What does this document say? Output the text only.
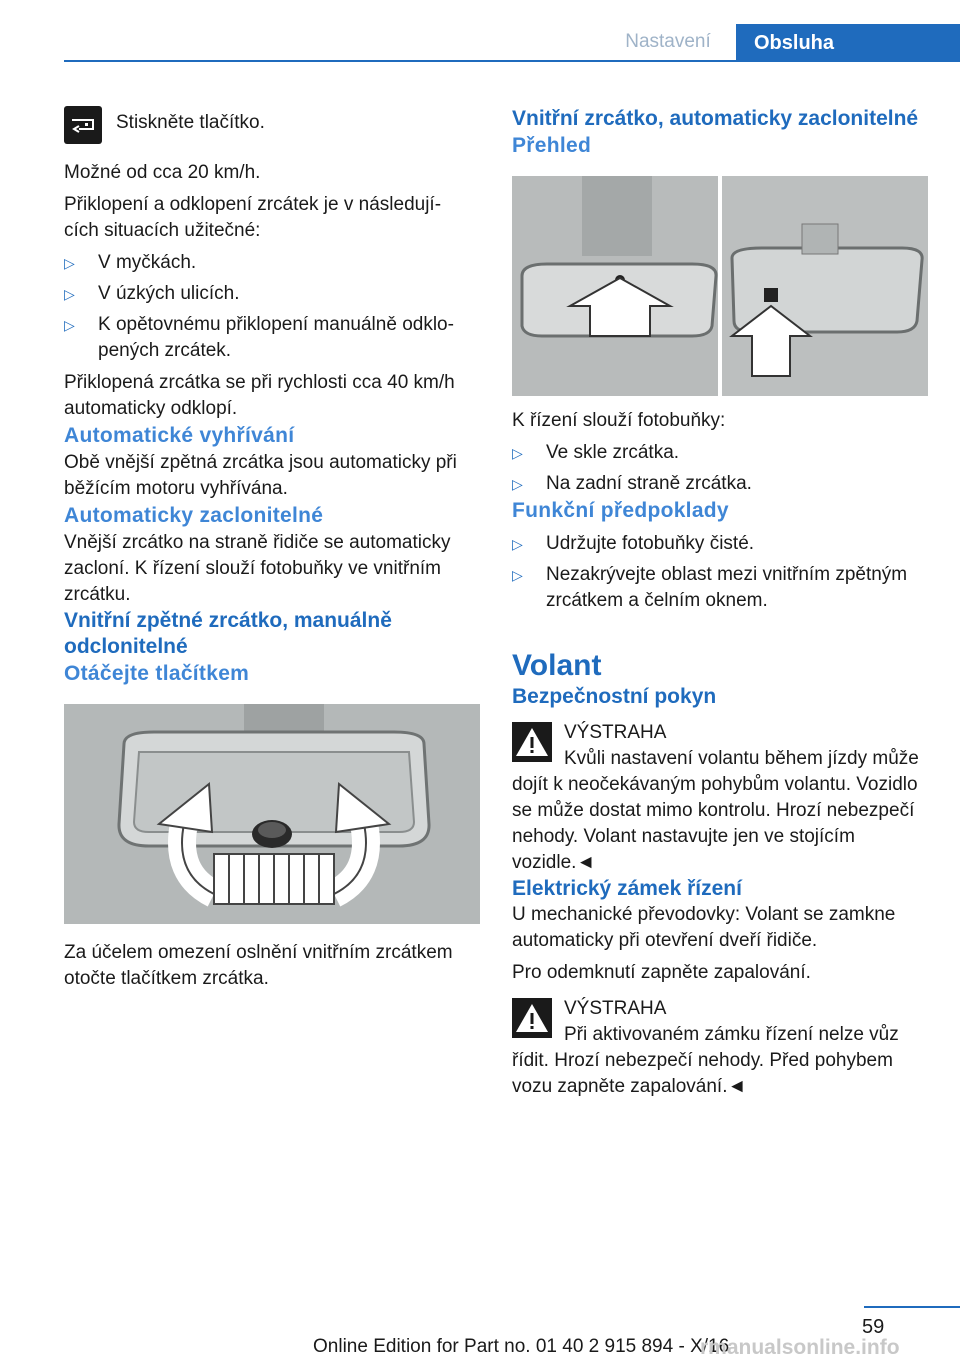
Nastavení	Obsluha

Stiskněte tlačítko.

Možné od cca 20 km/h.

Přiklopení a odklopení zrcátek je v následují‐ cích situacích užitečné:

▷ V myčkách.
▷ V úzkých ulicích.
▷ K opětovnému přiklopení manuálně odklo‐ pených zrcátek.

Přiklopená zrcátka se při rychlosti cca 40 km/h automaticky odklopí.

Automatické vyhřívání

Obě vnější zpětná zrcátka jsou automaticky při běžícím motoru vyhřívána.

Automaticky zaclonitelné

Vnější zrcátko na straně řidiče se automaticky zacloní. K řízení slouží fotobuňky ve vnitřním zrcátku.

Vnitřní zpětné zrcátko, manuálně odclonitelné
Otáčejte tlačítkem

Za účelem omezení oslnění vnitřním zrcátkem otočte tlačítkem zrcátka.

Vnitřní zrcátko, automaticky zaclonitelné
Přehled

K řízení slouží fotobuňky:

▷ Ve skle zrcátka.
▷ Na zadní straně zrcátka.
Funkční předpoklady
▷ Udržujte fotobuňky čisté.
▷ Nezakrývejte oblast mezi vnitřním zpětným zrcátkem a čelním oknem.
Volant
Bezpečnostní pokyn

VÝSTRAHA

Kvůli nastavení volantu během jízdy může dojít k neočekávaným pohybům volantu. Vozidlo se může dostat mimo kontrolu. Hrozí nebezpečí nehody. Volant nastavujte jen ve stojícím vozidle.◄

Elektrický zámek řízení

U mechanické převodovky: Volant se zamkne automaticky při otevření dveří řidiče.

Pro odemknutí zapněte zapalování.

VÝSTRAHA

Při aktivovaném zámku řízení nelze vůz řídit. Hrozí nebezpečí nehody. Před pohybem vozu zapněte zapalování.◄

59
Online Edition for Part no. 01 40 2 915 894 - X/16
rmanualsonline.info
